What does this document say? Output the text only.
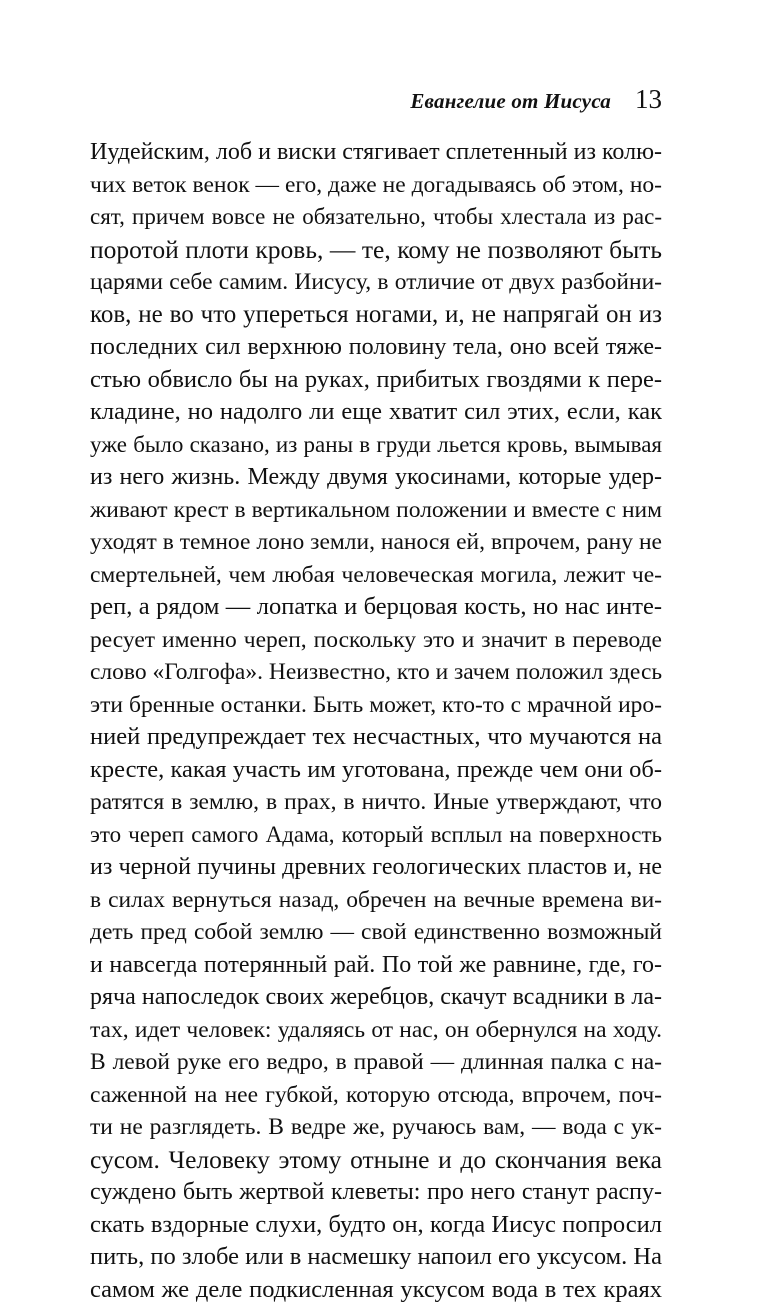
Евангелие от Иисуса 13
Иудейским, лоб и виски стягивает сплетенный из колю-
чих веток венок — его, даже не догадываясь об этом, но-
сят, причем вовсе не обязательно, чтобы хлестала из рас-
поротой плоти кровь, — те, кому не позволяют быть
царями себе самим. Иисусу, в отличие от двух разбойни-
ков, не во что упереться ногами, и, не напрягай он из
последних сил верхнюю половину тела, оно всей тяже-
стью обвисло бы на руках, прибитых гвоздями к пере-
кладине, но надолго ли еще хватит сил этих, если, как
уже было сказано, из раны в груди льется кровь, вымывая
из него жизнь. Между двумя укосинами, которые удер-
живают крест в вертикальном положении и вместе с ним
уходят в темное лоно земли, нанося ей, впрочем, рану не
смертельней, чем любая человеческая могила, лежит че-
реп, а рядом — лопатка и берцовая кость, но нас инте-
ресует именно череп, поскольку это и значит в переводе
слово «Голгофа». Неизвестно, кто и зачем положил здесь
эти бренные останки. Быть может, кто-то с мрачной иро-
нией предупреждает тех несчастных, что мучаются на
кресте, какая участь им уготована, прежде чем они об-
ратятся в землю, в прах, в ничто. Иные утверждают, что
это череп самого Адама, который всплыл на поверхность
из черной пучины древних геологических пластов и, не
в силах вернуться назад, обречен на вечные времена ви-
деть пред собой землю — свой единственно возможный
и навсегда потерянный рай. По той же равнине, где, го-
ряча напоследок своих жеребцов, скачут всадники в ла-
тах, идет человек: удаляясь от нас, он обернулся на ходу.
В левой руке его ведро, в правой — длинная палка с на-
саженной на нее губкой, которую отсюда, впрочем, поч-
ти не разглядеть. В ведре же, ручаюсь вам, — вода с ук-
сусом. Человеку этому отныне и до скончания века
суждено быть жертвой клеветы: про него станут распу-
скать вздорные слухи, будто он, когда Иисус попросил
пить, по злобе или в насмешку напоил его уксусом. На
самом же деле подкисленная уксусом вода в тех краях
